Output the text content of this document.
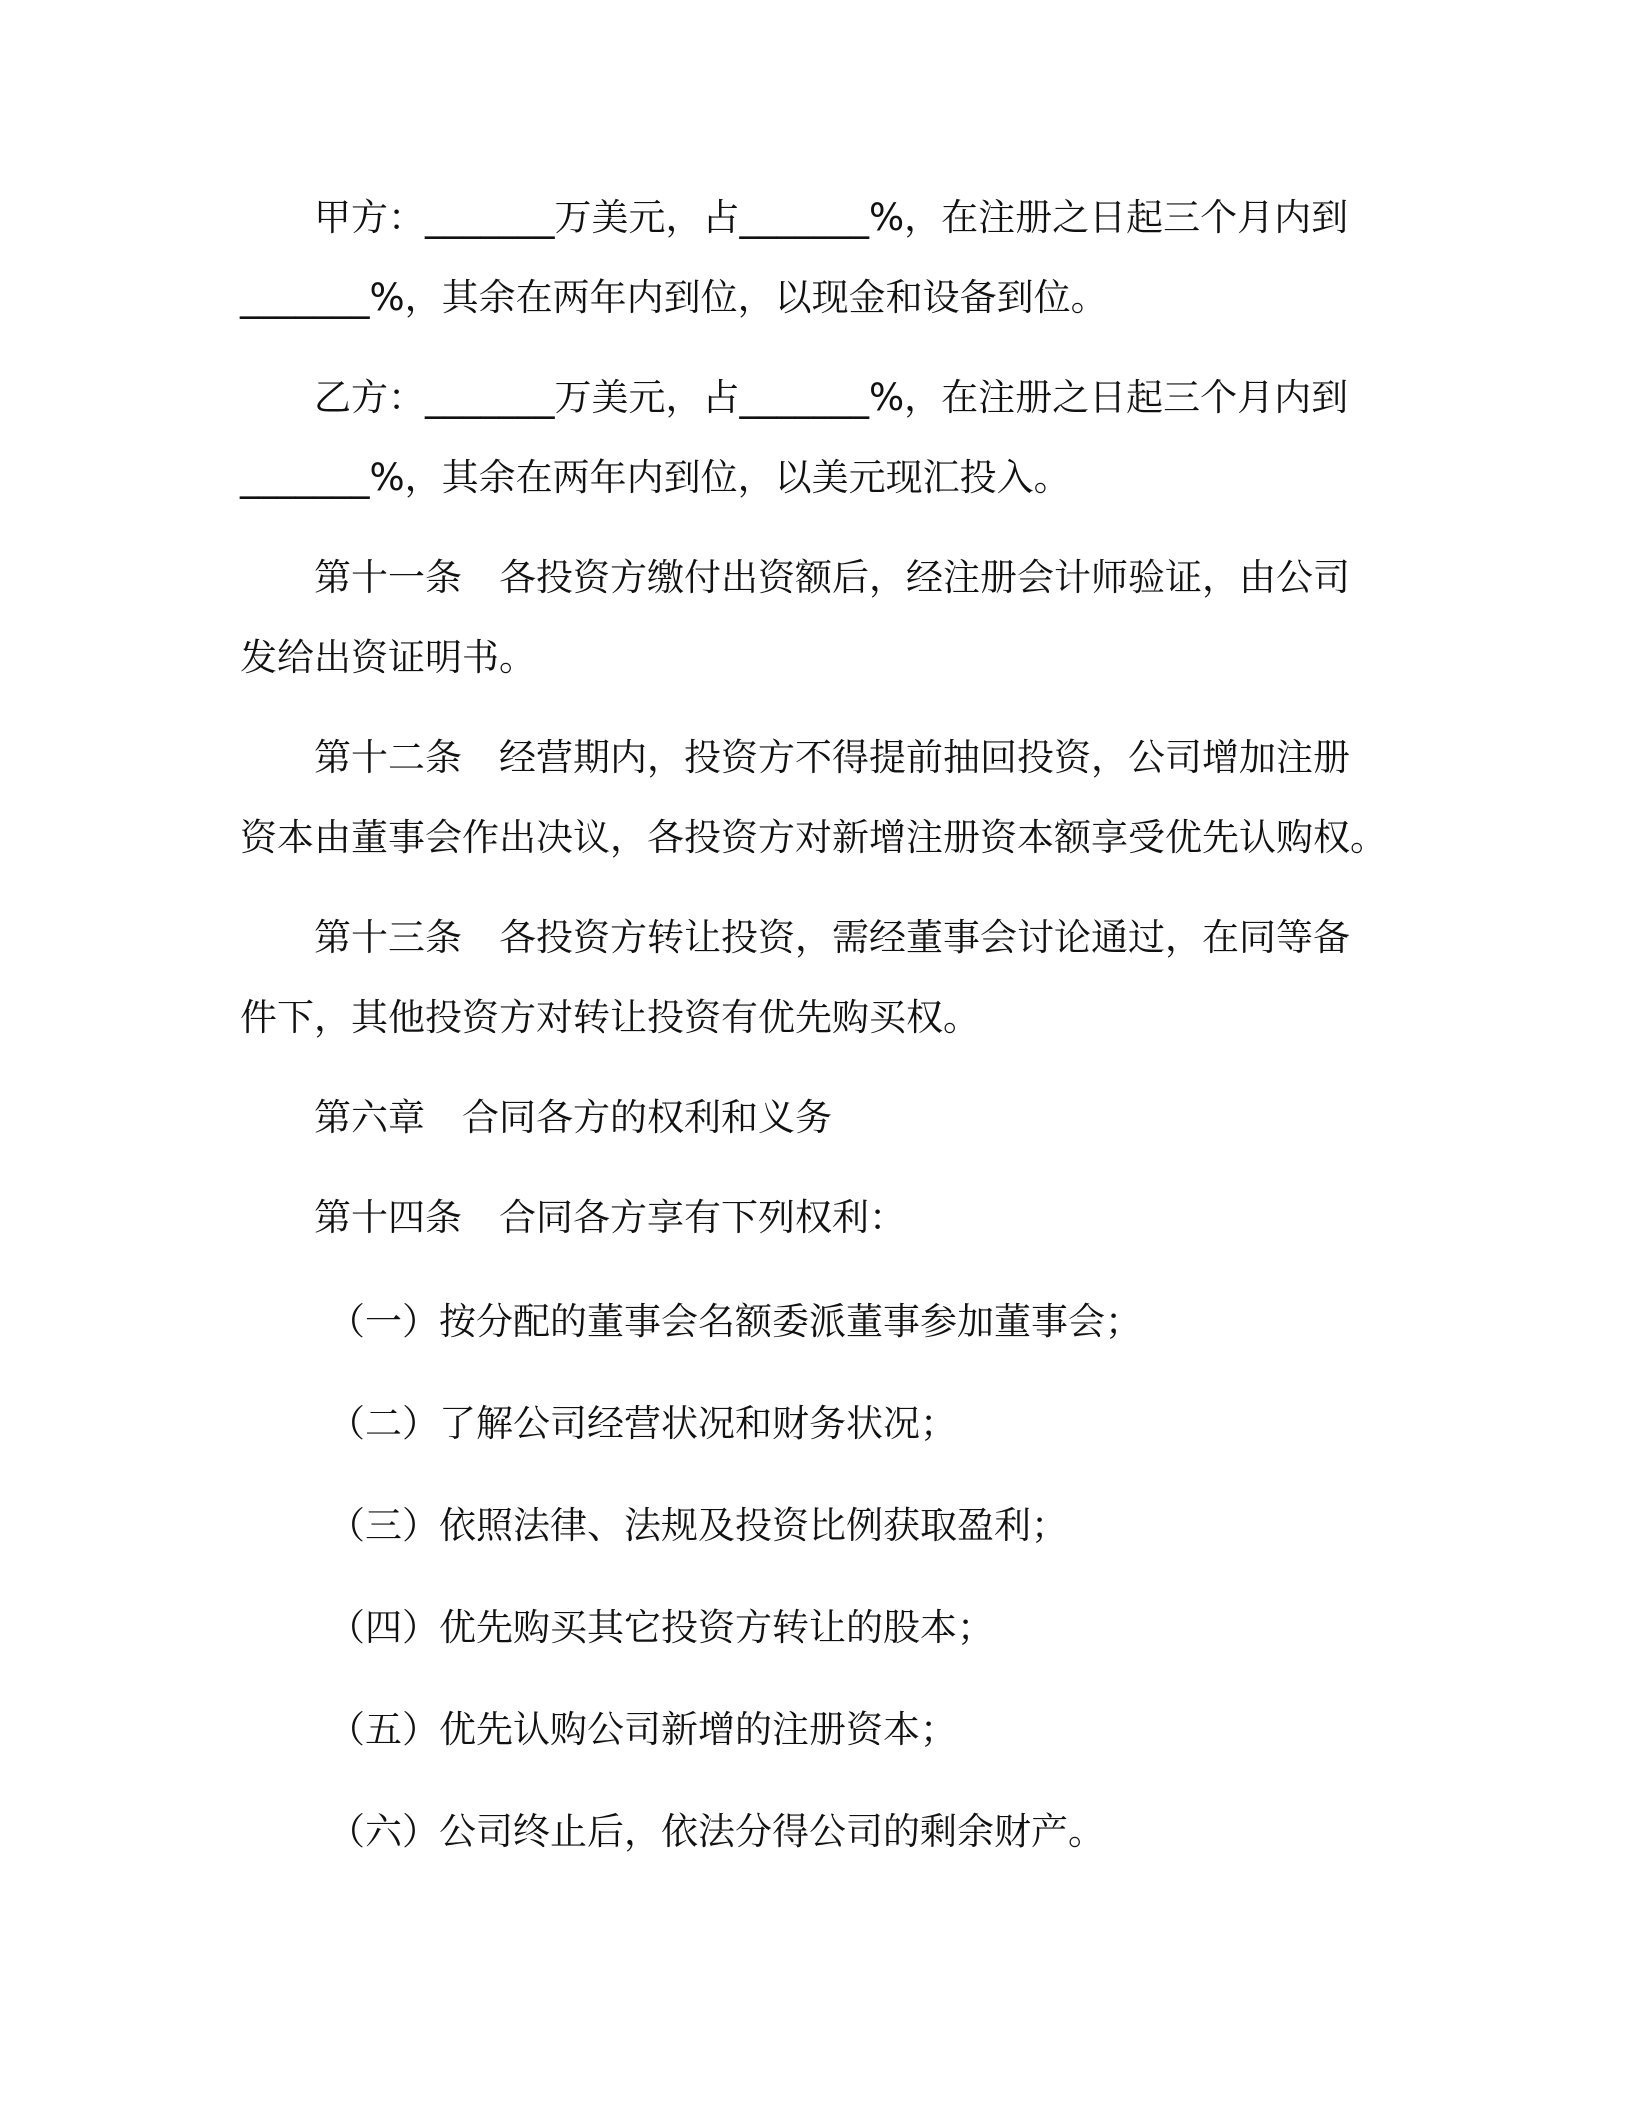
甲方：_______万美元，占_______%，在注册之日起三个月内到
_______%，其余在两年内到位，以现金和设备到位。
乙方：_______万美元，占_______%，在注册之日起三个月内到
_______%，其余在两年内到位，以美元现汇投入。
第十一条　各投资方缴付出资额后，经注册会计师验证，由公司
发给出资证明书。
第十二条　经营期内，投资方不得提前抽回投资，公司增加注册
资本由董事会作出决议，各投资方对新增注册资本额享受优先认购权。
第十三条　各投资方转让投资，需经董事会讨论通过，在同等备
件下，其他投资方对转让投资有优先购买权。
第六章　合同各方的权利和义务
第十四条　合同各方享有下列权利：
（一）按分配的董事会名额委派董事参加董事会；
（二）了解公司经营状况和财务状况；
（三）依照法律、法规及投资比例获取盈利；
（四）优先购买其它投资方转让的股本；
（五）优先认购公司新增的注册资本；
（六）公司终止后，依法分得公司的剩余财产。
